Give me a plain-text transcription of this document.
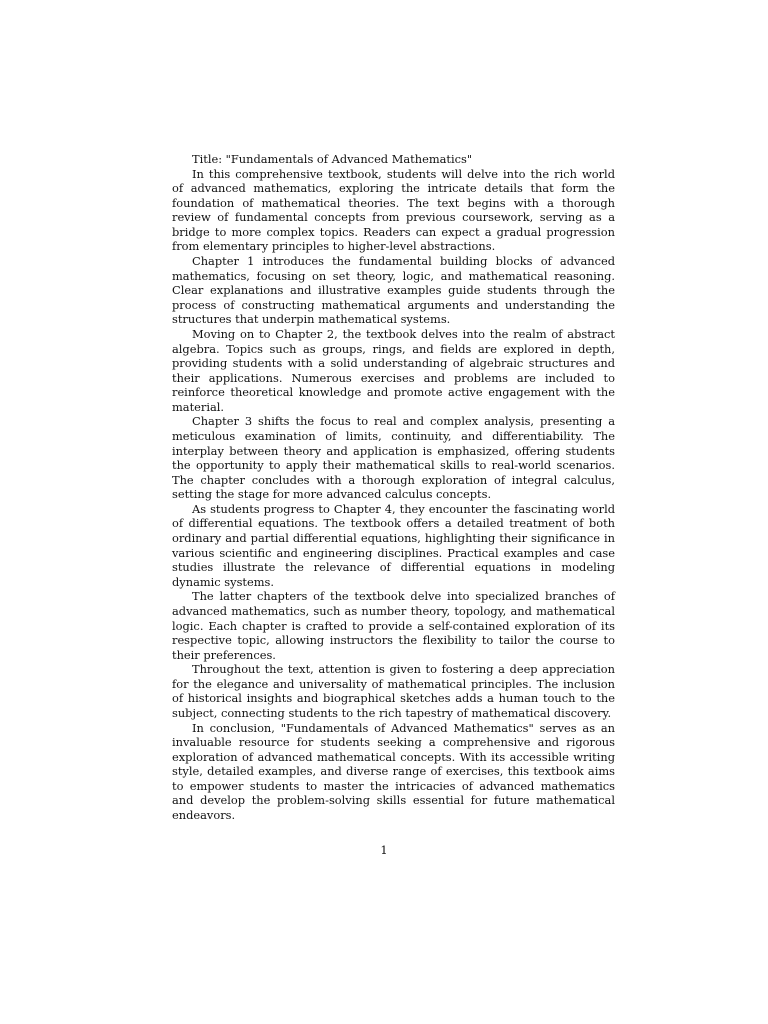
Title: "Fundamentals of Advanced Mathematics"

In this comprehensive textbook, students will delve into the rich world of advanced mathematics, exploring the intricate details that form the foundation of mathematical theories. The text begins with a thorough review of fundamental concepts from previous coursework, serving as a bridge to more complex topics. Readers can expect a gradual progression from elementary principles to higher-level abstractions.

Chapter 1 introduces the fundamental building blocks of advanced mathematics, focusing on set theory, logic, and mathematical reasoning. Clear explanations and illustrative examples guide students through the process of constructing mathematical arguments and understanding the structures that underpin mathematical systems.

Moving on to Chapter 2, the textbook delves into the realm of abstract algebra. Topics such as groups, rings, and fields are explored in depth, providing students with a solid understanding of algebraic structures and their applications. Numerous exercises and problems are included to reinforce theoretical knowledge and promote active engagement with the material.

Chapter 3 shifts the focus to real and complex analysis, presenting a meticulous examination of limits, continuity, and differentiability. The interplay between theory and application is emphasized, offering students the opportunity to apply their mathematical skills to real-world scenarios. The chapter concludes with a thorough exploration of integral calculus, setting the stage for more advanced calculus concepts.

As students progress to Chapter 4, they encounter the fascinating world of differential equations. The textbook offers a detailed treatment of both ordinary and partial differential equations, highlighting their significance in various scientific and engineering disciplines. Practical examples and case studies illustrate the relevance of differential equations in modeling dynamic systems.

The latter chapters of the textbook delve into specialized branches of advanced mathematics, such as number theory, topology, and mathematical logic. Each chapter is crafted to provide a self-contained exploration of its respective topic, allowing instructors the flexibility to tailor the course to their preferences.

Throughout the text, attention is given to fostering a deep appreciation for the elegance and universality of mathematical principles. The inclusion of historical insights and biographical sketches adds a human touch to the subject, connecting students to the rich tapestry of mathematical discovery.

In conclusion, "Fundamentals of Advanced Mathematics" serves as an invaluable resource for students seeking a comprehensive and rigorous exploration of advanced mathematical concepts. With its accessible writing style, detailed examples, and diverse range of exercises, this textbook aims to empower students to master the intricacies of advanced mathematics and develop the problem-solving skills essential for future mathematical endeavors.

1
